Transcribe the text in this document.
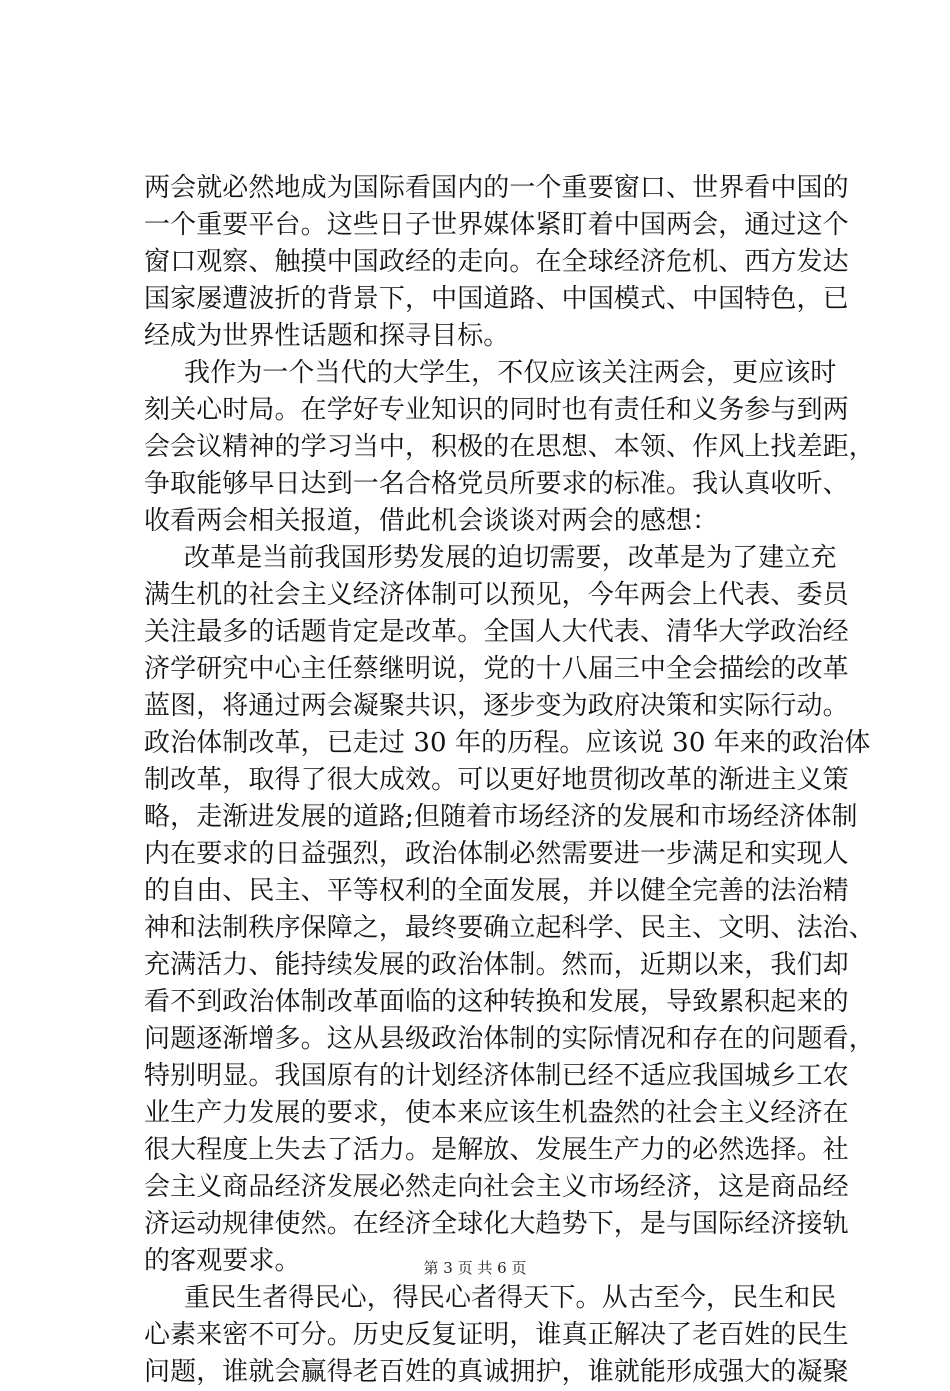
两会就必然地成为国际看国内的一个重要窗口、世界看中国的
一个重要平台。这些日子世界媒体紧盯着中国两会，通过这个
窗口观察、触摸中国政经的走向。在全球经济危机、西方发达
国家屡遭波折的背景下，中国道路、中国模式、中国特色，已
经成为世界性话题和探寻目标。
我作为一个当代的大学生，不仅应该关注两会，更应该时
刻关心时局。在学好专业知识的同时也有责任和义务参与到两
会会议精神的学习当中，积极的在思想、本领、作风上找差距，
争取能够早日达到一名合格党员所要求的标准。我认真收听、
收看两会相关报道，借此机会谈谈对两会的感想：
改革是当前我国形势发展的迫切需要，改革是为了建立充
满生机的社会主义经济体制可以预见，今年两会上代表、委员
关注最多的话题肯定是改革。全国人大代表、清华大学政治经
济学研究中心主任蔡继明说，党的十八届三中全会描绘的改革
蓝图，将通过两会凝聚共识，逐步变为政府决策和实际行动。
政治体制改革，已走过 30 年的历程。应该说 30 年来的政治体
制改革，取得了很大成效。可以更好地贯彻改革的渐进主义策
略，走渐进发展的道路;但随着市场经济的发展和市场经济体制
内在要求的日益强烈，政治体制必然需要进一步满足和实现人
的自由、民主、平等权利的全面发展，并以健全完善的法治精
神和法制秩序保障之，最终要确立起科学、民主、文明、法治、
充满活力、能持续发展的政治体制。然而，近期以来，我们却
看不到政治体制改革面临的这种转换和发展，导致累积起来的
问题逐渐增多。这从县级政治体制的实际情况和存在的问题看，
特别明显。我国原有的计划经济体制已经不适应我国城乡工农
业生产力发展的要求，使本来应该生机盎然的社会主义经济在
很大程度上失去了活力。是解放、发展生产力的必然选择。社
会主义商品经济发展必然走向社会主义市场经济，这是商品经
济运动规律使然。在经济全球化大趋势下，是与国际经济接轨
的客观要求。
重民生者得民心，得民心者得天下。从古至今，民生和民
心素来密不可分。历史反复证明，谁真正解决了老百姓的民生
问题，谁就会赢得老百姓的真诚拥护，谁就能形成强大的凝聚
第 3 页 共 6 页
